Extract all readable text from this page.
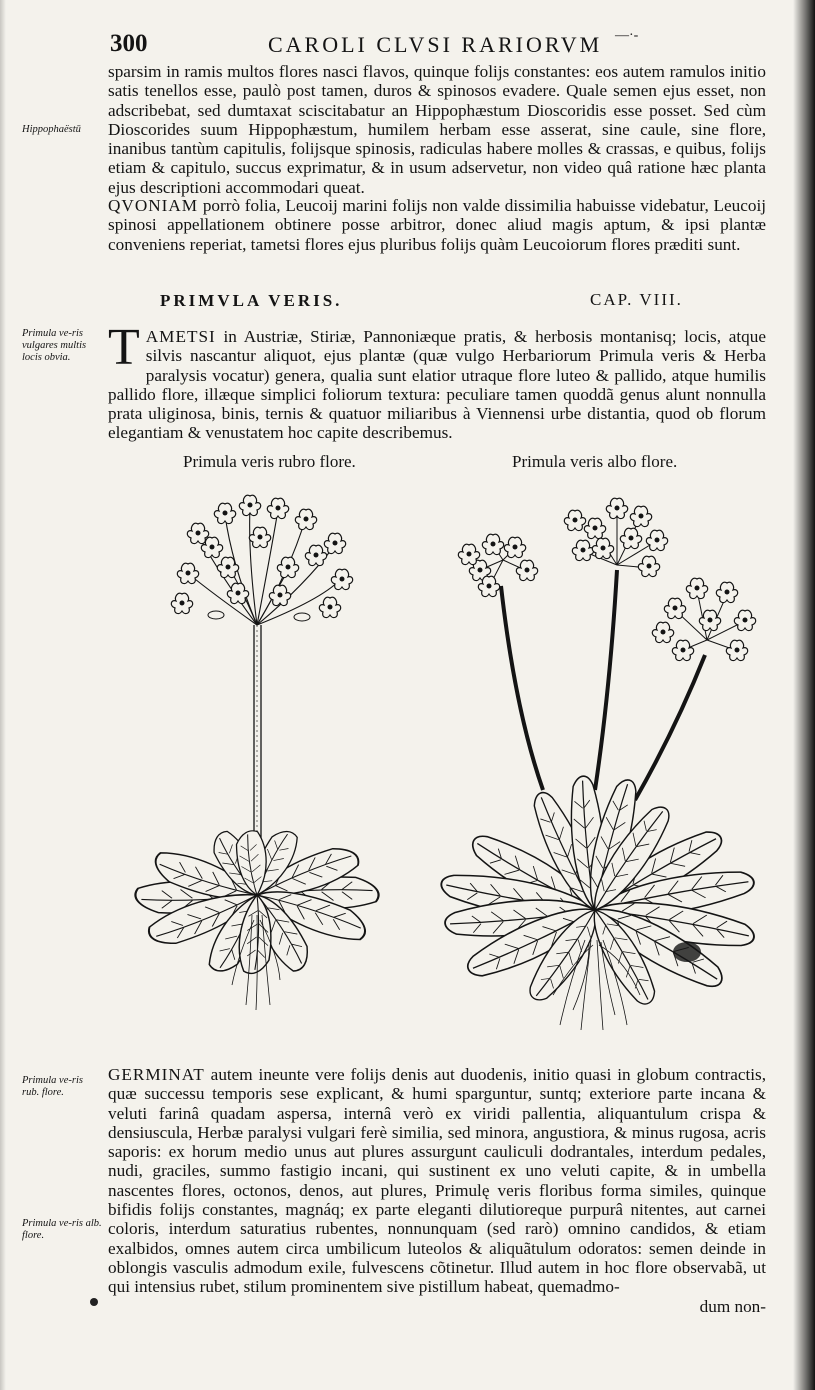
300	CAROLI CLVSI RARIORVM —·-

sparsim in ramis multos flores nasci flavos, quinque folijs constantes: eos autem ramulos initio satis tenellos esse, paulò post tamen, duros & spinosos evadere. Quale semen ejus esset, non adscribebat, sed dumtaxat sciscitabatur an Hippophæstum Dioscoridis esse posset. Sed cùm Dioscorides suum Hippophæstum, humilem herbam esse asserat, sine caule, sine flore, inanibus tantùm capitulis, folijsque spinosis, radiculas habere molles & crassas, e quibus, folijs etiam & capitulo, succus exprimatur, & in usum adservetur, non video quâ ratione hæc planta ejus descriptioni accommodari queat.

Hippophaëstū

QVONIAM porrò folia, Leucoij marini folijs non valde dissimilia habuisse videbatur, Leucoij spinosi appellationem obtinere posse arbitror, donec aliud magis aptum, & ipsi plantæ conveniens reperiat, tametsi flores ejus pluribus folijs quàm Leucoiorum flores præditi sunt.

PRIMVLA VERIS.	CAP. VIII.

Primula ve-ris vulgares multis locis obvia. TAMETSI in Austriæ, Stiriæ, Pannoniæque pratis, & herbosis montanisq; locis, atque silvis nascantur aliquot, ejus plantæ (quæ vulgo Herbariorum Primula veris & Herba paralysis vocatur) genera, qualia sunt elatior utraque flore luteo & pallido, atque humilis pallido flore, illæque simplici foliorum textura: peculiare tamen quoddã genus alunt nonnulla prata uliginosa, binis, ternis & quatuor miliaribus à Viennensi urbe distantia, quod ob florum elegantiam & venustatem hoc capite describemus.

Primula veris rubro flore.	Primula veris albo flore.

Primula ve-ris rub. flore.

Primula ve-ris alb. flore.

GERMINAT autem ineunte vere folijs denis aut duodenis, initio quasi in globum contractis, quæ successu temporis sese explicant, & humi sparguntur, suntq; exteriore parte incana & veluti farinâ quadam aspersa, internâ verò ex viridi pallentia, aliquantulum crispa & densiuscula, Herbæ paralysi vulgari ferè similia, sed minora, angustiora, & minus rugosa, acris saporis: ex horum medio unus aut plures assurgunt cauliculi dodrantales, interdum pedales, nudi, graciles, summo fastigio incani, qui sustinent ex uno veluti capite, & in umbella nascentes flores, octonos, denos, aut plures, Primulę veris floribus forma similes, quinque bifidis folijs constantes, magnáq; ex parte eleganti dilutioreque purpurâ nitentes, aut carnei coloris, interdum saturatius rubentes, nonnunquam (sed rarò) omnino candidos, & etiam exalbidos, omnes autem circa umbilicum luteolos & aliquãtulum odoratos: semen deinde in oblongis vasculis admodum exile, fulvescens cõtinetur. Illud autem in hoc flore observabã, ut qui intensius rubet, stilum prominentem sive pistillum habeat, quemadmo-
dum non-
